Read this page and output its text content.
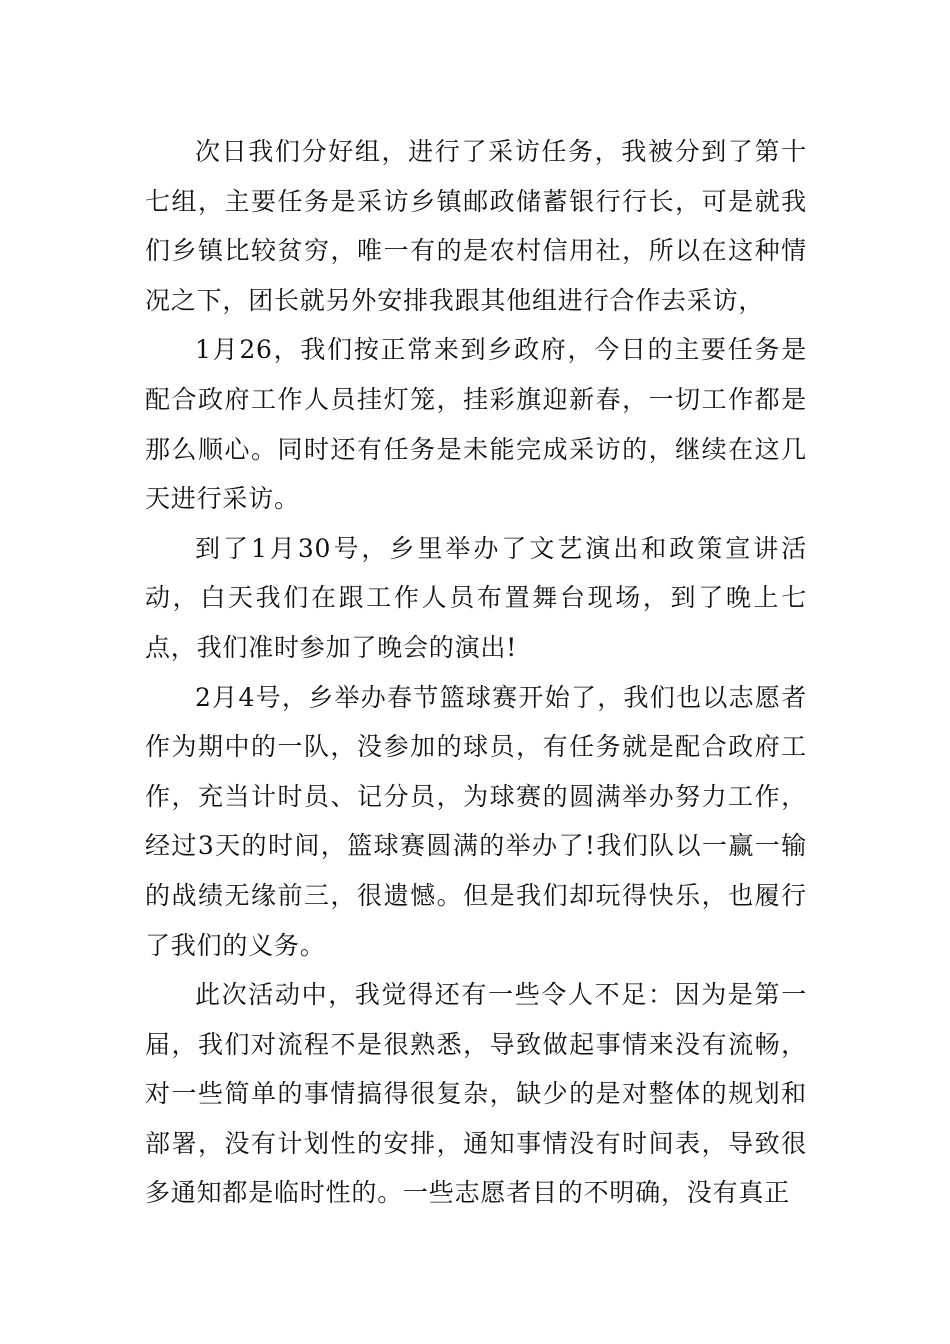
次日我们分好组，进行了采访任务，我被分到了第十七组，主要任务是采访乡镇邮政储蓄银行行长，可是就我们乡镇比较贫穷，唯一有的是农村信用社，所以在这种情况之下，团长就另外安排我跟其他组进行合作去采访，

1月26，我们按正常来到乡政府，今日的主要任务是配合政府工作人员挂灯笼，挂彩旗迎新春，一切工作都是那么顺心。同时还有任务是未能完成采访的，继续在这几天进行采访。

到了1月30号，乡里举办了文艺演出和政策宣讲活动，白天我们在跟工作人员布置舞台现场，到了晚上七点，我们准时参加了晚会的演出!

2月4号，乡举办春节篮球赛开始了，我们也以志愿者作为期中的一队，没参加的球员，有任务就是配合政府工作，充当计时员、记分员，为球赛的圆满举办努力工作，经过3天的时间，篮球赛圆满的举办了!我们队以一赢一输的战绩无缘前三，很遗憾。但是我们却玩得快乐，也履行了我们的义务。

此次活动中，我觉得还有一些令人不足：因为是第一届，我们对流程不是很熟悉，导致做起事情来没有流畅，对一些简单的事情搞得很复杂，缺少的是对整体的规划和部署，没有计划性的安排，通知事情没有时间表，导致很多通知都是临时性的。一些志愿者目的不明确，没有真正
